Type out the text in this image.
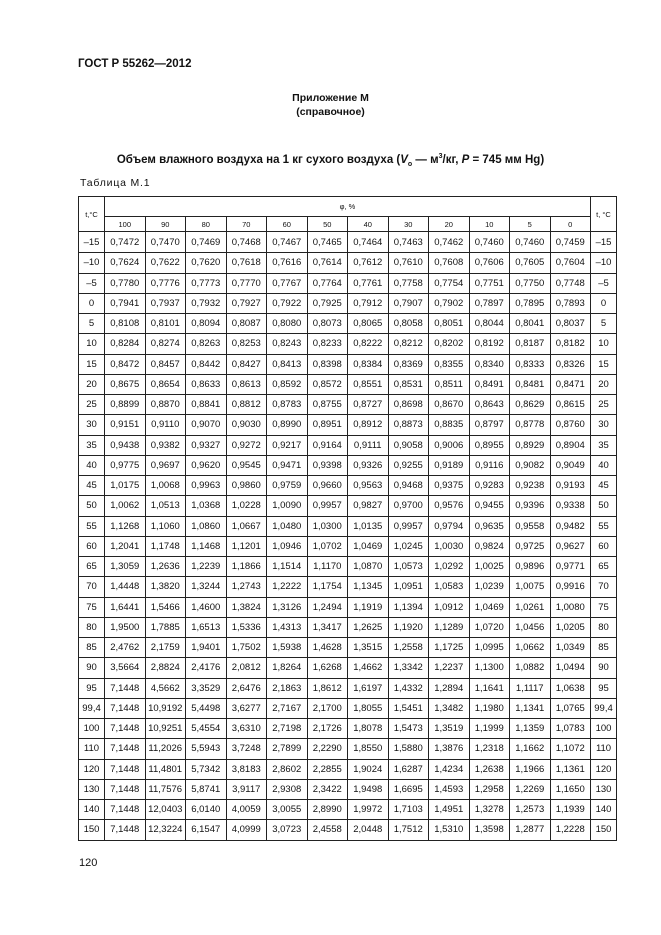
ГОСТ Р 55262—2012
Приложение М
(справочное)
Объем влажного воздуха на 1 кг сухого воздуха ($V_о$ — $м^3/кг$, P = 745 мм Hg)
Таблица М.1
t,°C	φ, %												t, °C
	100	90	80	70	60	50	40	30	20	10	5	0	
–15	0,7472	0,7470	0,7469	0,7468	0,7467	0,7465	0,7464	0,7463	0,7462	0,7460	0,7460	0,7459	–15
–10	0,7624	0,7622	0,7620	0,7618	0,7616	0,7614	0,7612	0,7610	0,7608	0,7606	0,7605	0,7604	–10
–5	0,7780	0,7776	0,7773	0,7770	0,7767	0,7764	0,7761	0,7758	0,7754	0,7751	0,7750	0,7748	–5
0	0,7941	0,7937	0,7932	0,7927	0,7922	0,7925	0,7912	0,7907	0,7902	0,7897	0,7895	0,7893	0
5	0,8108	0,8101	0,8094	0,8087	0,8080	0,8073	0,8065	0,8058	0,8051	0,8044	0,8041	0,8037	5
10	0,8284	0,8274	0,8263	0,8253	0,8243	0,8233	0,8222	0,8212	0,8202	0,8192	0,8187	0,8182	10
15	0,8472	0,8457	0,8442	0,8427	0,8413	0,8398	0,8384	0,8369	0,8355	0,8340	0,8333	0,8326	15
20	0,8675	0,8654	0,8633	0,8613	0,8592	0,8572	0,8551	0,8531	0,8511	0,8491	0,8481	0,8471	20
25	0,8899	0,8870	0,8841	0,8812	0,8783	0,8755	0,8727	0,8698	0,8670	0,8643	0,8629	0,8615	25
30	0,9151	0,9110	0,9070	0,9030	0,8990	0,8951	0,8912	0,8873	0,8835	0,8797	0,8778	0,8760	30
35	0,9438	0,9382	0,9327	0,9272	0,9217	0,9164	0,9111	0,9058	0,9006	0,8955	0,8929	0,8904	35
40	0,9775	0,9697	0,9620	0,9545	0,9471	0,9398	0,9326	0,9255	0,9189	0,9116	0,9082	0,9049	40
45	1,0175	1,0068	0,9963	0,9860	0,9759	0,9660	0,9563	0,9468	0,9375	0,9283	0,9238	0,9193	45
50	1,0062	1,0513	1,0368	1,0228	1,0090	0,9957	0,9827	0,9700	0,9576	0,9455	0,9396	0,9338	50
55	1,1268	1,1060	1,0860	1,0667	1,0480	1,0300	1,0135	0,9957	0,9794	0,9635	0,9558	0,9482	55
60	1,2041	1,1748	1,1468	1,1201	1,0946	1,0702	1,0469	1,0245	1,0030	0,9824	0,9725	0,9627	60
65	1,3059	1,2636	1,2239	1,1866	1,1514	1,1170	1,0870	1,0573	1,0292	1,0025	0,9896	0,9771	65
70	1,4448	1,3820	1,3244	1,2743	1,2222	1,1754	1,1345	1,0951	1,0583	1,0239	1,0075	0,9916	70
75	1,6441	1,5466	1,4600	1,3824	1,3126	1,2494	1,1919	1,1394	1,0912	1,0469	1,0261	1,0080	75
80	1,9500	1,7885	1,6513	1,5336	1,4313	1,3417	1,2625	1,1920	1,1289	1,0720	1,0456	1,0205	80
85	2,4762	2,1759	1,9401	1,7502	1,5938	1,4628	1,3515	1,2558	1,1725	1,0995	1,0662	1,0349	85
90	3,5664	2,8824	2,4176	2,0812	1,8264	1,6268	1,4662	1,3342	1,2237	1,1300	1,0882	1,0494	90
95	7,1448	4,5662	3,3529	2,6476	2,1863	1,8612	1,6197	1,4332	1,2894	1,1641	1,1117	1,0638	95
99,4	7,1448	10,9192	5,4498	3,6277	2,7167	2,1700	1,8055	1,5451	1,3482	1,1980	1,1341	1,0765	99,4
100	7,1448	10,9251	5,4554	3,6310	2,7198	2,1726	1,8078	1,5473	1,3519	1,1999	1,1359	1,0783	100
110	7,1448	11,2026	5,5943	3,7248	2,7899	2,2290	1,8550	1,5880	1,3876	1,2318	1,1662	1,1072	110
120	7,1448	11,4801	5,7342	3,8183	2,8602	2,2855	1,9024	1,6287	1,4234	1,2638	1,1966	1,1361	120
130	7,1448	11,7576	5,8741	3,9117	2,9308	2,3422	1,9498	1,6695	1,4593	1,2958	1,2269	1,1650	130
140	7,1448	12,0403	6,0140	4,0059	3,0055	2,8990	1,9972	1,7103	1,4951	1,3278	1,2573	1,1939	140
150	7,1448	12,3224	6,1547	4,0999	3,0723	2,4558	2,0448	1,7512	1,5310	1,3598	1,2877	1,2228	150
120
